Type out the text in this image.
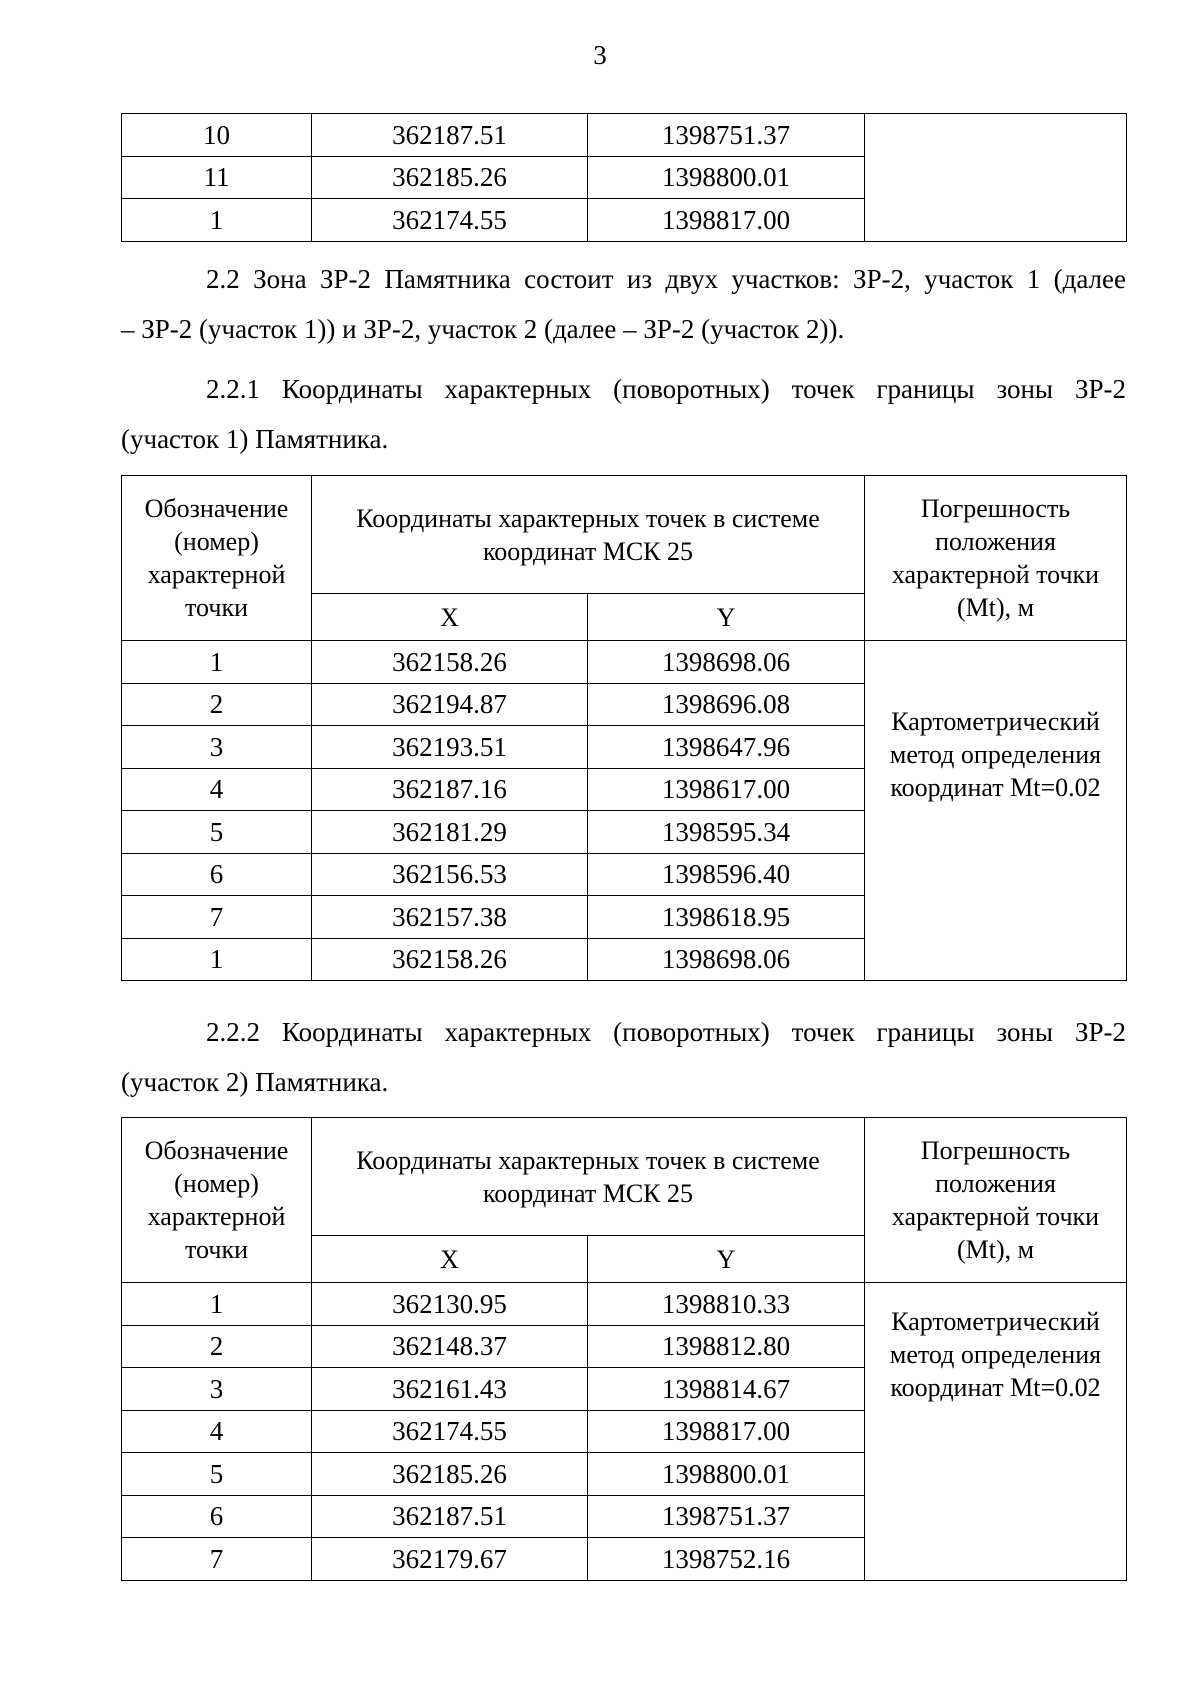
3
10	362187.51	1398751.37	
11	362185.26	1398800.01	
1	362174.55	1398817.00	
2.2 Зона ЗР-2 Памятника состоит из двух участков: ЗР-2, участок 1 (далее
– ЗР-2 (участок 1)) и ЗР-2, участок 2 (далее – ЗР-2 (участок 2)).
2.2.1 Координаты характерных (поворотных) точек границы зоны ЗР-2
(участок 1) Памятника.
Обозначение (номер) характерной точки	Координаты характерных точек в системе координат МСК 25		Погрешность положения характерной точки (Mt), м
	X	Y	
1	362158.26	1398698.06	Картометрический метод определения координат Mt=0.02

2	362194.87	1398696.08	
3	362193.51	1398647.96	
4	362187.16	1398617.00	
5	362181.29	1398595.34	
6	362156.53	1398596.40	
7	362157.38	1398618.95	
1	362158.26	1398698.06	
2.2.2 Координаты характерных (поворотных) точек границы зоны ЗР-2
(участок 2) Памятника.
Обозначение (номер) характерной точки	Координаты характерных точек в системе координат МСК 25		Погрешность положения характерной точки (Mt), м
	X	Y	
1	362130.95	1398810.33	Картометрический метод определения координат Mt=0.02

2	362148.37	1398812.80	
3	362161.43	1398814.67	
4	362174.55	1398817.00	
5	362185.26	1398800.01	
6	362187.51	1398751.37	
7	362179.67	1398752.16	
